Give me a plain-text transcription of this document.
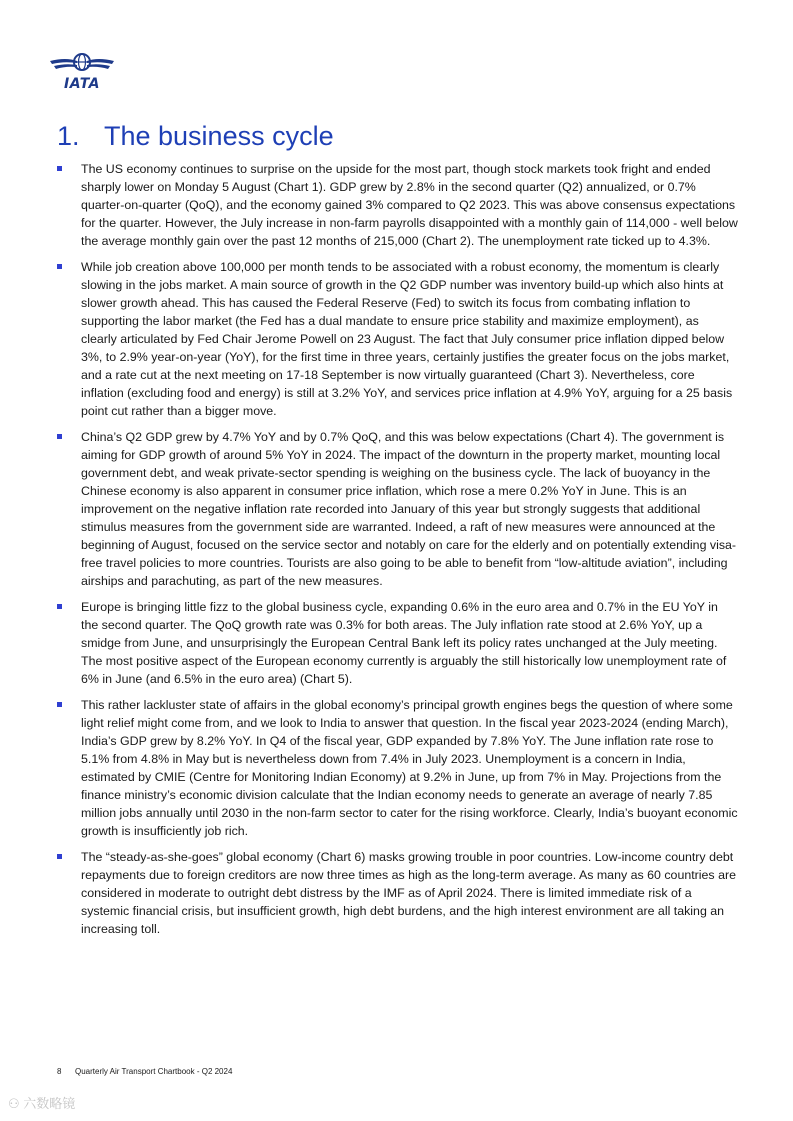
IATA
1. The business cycle
The US economy continues to surprise on the upside for the most part, though stock markets took fright and ended sharply lower on Monday 5 August (Chart 1). GDP grew by 2.8% in the second quarter (Q2) annualized, or 0.7% quarter-on-quarter (QoQ), and the economy gained 3% compared to Q2 2023. This was above consensus expectations for the quarter. However, the July increase in non-farm payrolls disappointed with a monthly gain of 114,000 - well below the average monthly gain over the past 12 months of 215,000 (Chart 2). The unemployment rate ticked up to 4.3%.
While job creation above 100,000 per month tends to be associated with a robust economy, the momentum is clearly slowing in the jobs market. A main source of growth in the Q2 GDP number was inventory build-up which also hints at slower growth ahead. This has caused the Federal Reserve (Fed) to switch its focus from combating inflation to supporting the labor market (the Fed has a dual mandate to ensure price stability and maximize employment), as clearly articulated by Fed Chair Jerome Powell on 23 August. The fact that July consumer price inflation dipped below 3%, to 2.9% year-on-year (YoY), for the first time in three years, certainly justifies the greater focus on the jobs market, and a rate cut at the next meeting on 17-18 September is now virtually guaranteed (Chart 3). Nevertheless, core inflation (excluding food and energy) is still at 3.2% YoY, and services price inflation at 4.9% YoY, arguing for a 25 basis point cut rather than a bigger move.
China’s Q2 GDP grew by 4.7% YoY and by 0.7% QoQ, and this was below expectations (Chart 4). The government is aiming for GDP growth of around 5% YoY in 2024. The impact of the downturn in the property market, mounting local government debt, and weak private-sector spending is weighing on the business cycle. The lack of buoyancy in the Chinese economy is also apparent in consumer price inflation, which rose a mere 0.2% YoY in June. This is an improvement on the negative inflation rate recorded into January of this year but strongly suggests that additional stimulus measures from the government side are warranted. Indeed, a raft of new measures were announced at the beginning of August, focused on the service sector and notably on care for the elderly and on potentially extending visa-free travel policies to more countries. Tourists are also going to be able to benefit from “low-altitude aviation”, including airships and parachuting, as part of the new measures.
Europe is bringing little fizz to the global business cycle, expanding 0.6% in the euro area and 0.7% in the EU YoY in the second quarter. The QoQ growth rate was 0.3% for both areas. The July inflation rate stood at 2.6% YoY, up a smidge from June, and unsurprisingly the European Central Bank left its policy rates unchanged at the July meeting. The most positive aspect of the European economy currently is arguably the still historically low unemployment rate of 6% in June (and 6.5% in the euro area) (Chart 5).
This rather lackluster state of affairs in the global economy’s principal growth engines begs the question of where some light relief might come from, and we look to India to answer that question. In the fiscal year 2023-2024 (ending March), India’s GDP grew by 8.2% YoY. In Q4 of the fiscal year, GDP expanded by 7.8% YoY. The June inflation rate rose to 5.1% from 4.8% in May but is nevertheless down from 7.4% in July 2023. Unemployment is a concern in India, estimated by CMIE (Centre for Monitoring Indian Economy) at 9.2% in June, up from 7% in May. Projections from the finance ministry’s economic division calculate that the Indian economy needs to generate an average of nearly 7.85 million jobs annually until 2030 in the non-farm sector to cater for the rising workforce. Clearly, India’s buoyant economic growth is insufficiently job rich.
The “steady-as-she-goes” global economy (Chart 6) masks growing trouble in poor countries. Low-income country debt repayments due to foreign creditors are now three times as high as the long-term average. As many as 60 countries are considered in moderate to outright debt distress by the IMF as of April 2024. There is limited immediate risk of a systemic financial crisis, but insufficient growth, high debt burdens, and the high interest environment are all taking an increasing toll.
8 Quarterly Air Transport Chartbook - Q2 2024
⚇ 六数略镜
